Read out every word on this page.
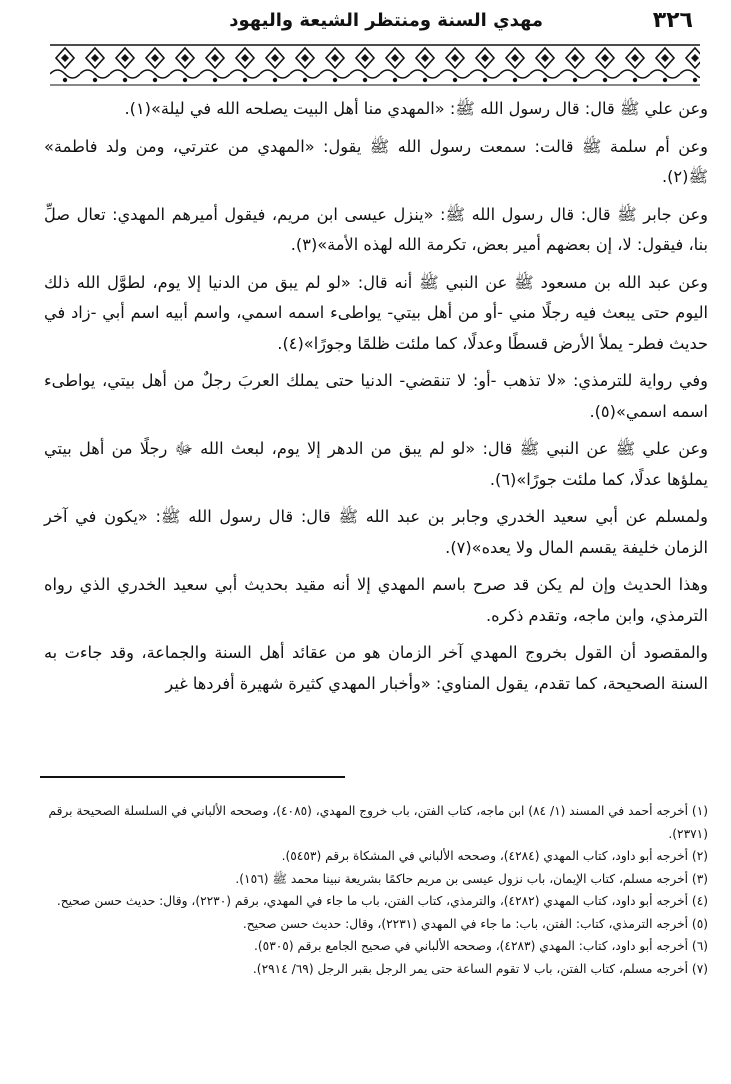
٣٢٦
مهدي السنة ومنتظر الشيعة واليهود

وعن علي ﷺ قال: قال رسول الله ﷺ: «المهدي منا أهل البيت يصلحه الله في ليلة»(١).

وعن أم سلمة ﷺ قالت: سمعت رسول الله ﷺ يقول: «المهدي من عترتي، ومن ولد فاطمة» ﷺ(٢).

وعن جابر ﷺ قال: قال رسول الله ﷺ: «ينزل عيسى ابن مريم، فيقول أميرهم المهدي: تعال صلِّ بنا، فيقول: لا، إن بعضهم أمير بعض، تكرمة الله لهذه الأمة»(٣).

وعن عبد الله بن مسعود ﷺ عن النبي ﷺ أنه قال: «لو لم يبق من الدنيا إلا يوم، لطوَّل الله ذلك اليوم حتى يبعث فيه رجلًا مني -أو من أهل بيتي- يواطىء اسمه اسمي، واسم أبيه اسم أبي -زاد في حديث فطر- يملأ الأرض قسطًا وعدلًا، كما ملئت ظلمًا وجورًا»(٤).

وفي رواية للترمذي: «لا تذهب -أو: لا تنقضي- الدنيا حتى يملك العربَ رجلٌ من أهل بيتي، يواطىء اسمه اسمي»(٥).

وعن علي ﷺ عن النبي ﷺ قال: «لو لم يبق من الدهر إلا يوم، لبعث الله ﷻ رجلًا من أهل بيتي يملؤها عدلًا، كما ملئت جورًا»(٦).

ولمسلم عن أبي سعيد الخدري وجابر بن عبد الله ﷺ قال: قال رسول الله ﷺ: «يكون في آخر الزمان خليفة يقسم المال ولا يعده»(٧).

وهذا الحديث وإن لم يكن قد صرح باسم المهدي إلا أنه مقيد بحديث أبي سعيد الخدري الذي رواه الترمذي، وابن ماجه، وتقدم ذكره.

والمقصود أن القول بخروج المهدي آخر الزمان هو من عقائد أهل السنة والجماعة، وقد جاءت به السنة الصحيحة، كما تقدم، يقول المناوي: «وأخبار المهدي كثيرة شهيرة أفردها غير

(١) أخرجه أحمد في المسند (١/ ٨٤) ابن ماجه، كتاب الفتن، باب خروج المهدي، (٤٠٨٥)، وصححه الألباني في السلسلة الصحيحة برقم (٢٣٧١).

(٢) أخرجه أبو داود، كتاب المهدي (٤٢٨٤)، وصححه الألباني في المشكاة برقم (٥٤٥٣).

(٣) أخرجه مسلم، كتاب الإيمان، باب نزول عيسى بن مريم حاكمًا بشريعة نبينا محمد ﷺ (١٥٦).

(٤) أخرجه أبو داود، كتاب المهدي (٤٢٨٢)، والترمذي، كتاب الفتن، باب ما جاء في المهدي، برقم (٢٢٣٠)، وقال: حديث حسن صحيح.

(٥) أخرجه الترمذي، كتاب: الفتن، باب: ما جاء في المهدي (٢٢٣١)، وقال: حديث حسن صحيح.

(٦) أخرجه أبو داود، كتاب: المهدي (٤٢٨٣)، وصححه الألباني في صحيح الجامع برقم (٥٣٠٥).

(٧) أخرجه مسلم، كتاب الفتن، باب لا تقوم الساعة حتى يمر الرجل بقبر الرجل (٦٩/ ٢٩١٤).
